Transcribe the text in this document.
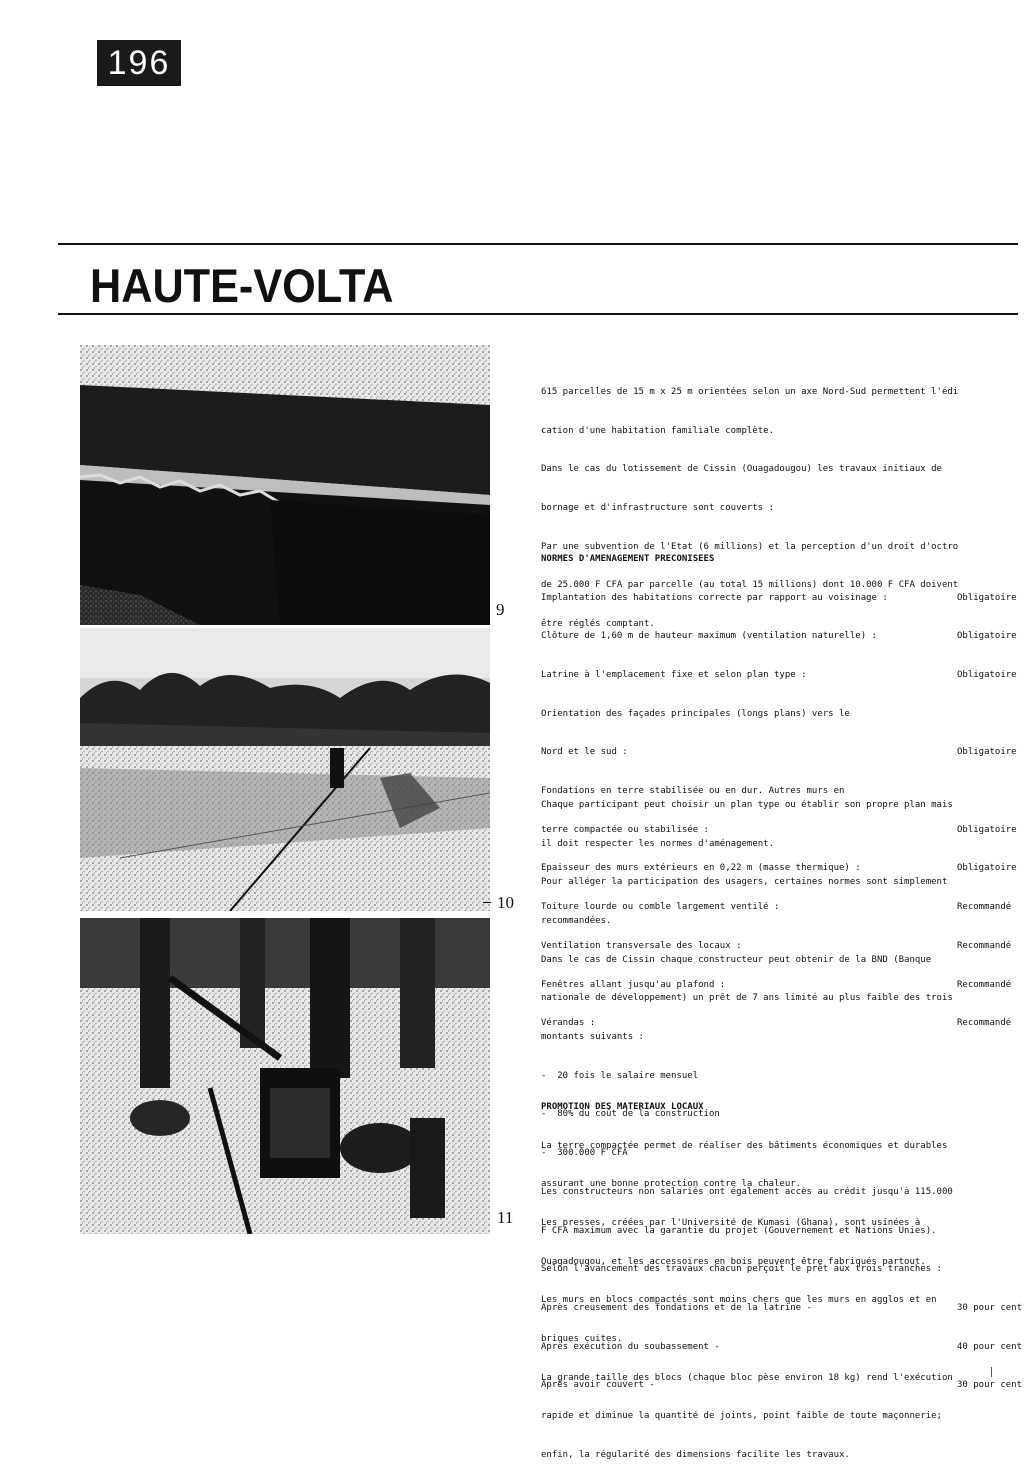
196
HAUTE-VOLTA
9
10
11

615 parcelles de 15 m x 25 m orientées selon un axe Nord-Sud permettent l'édi

cation d'une habitation familiale complète.

Dans le cas du lotissement de Cissin (Ouagadougou) les travaux initiaux de

bornage et d'infrastructure sont couverts :

Par une subvention de l'Etat (6 millions) et la perception d'un droit d'octro

de 25.000 F CFA par parcelle (au total 15 millions) dont 10.000 F CFA doivent

être réglés comptant.

NORMES D'AMENAGEMENT PRECONISEES

Implantation des habitations correcte par rapport au voisinage :	Obligatoire

Clôture de 1,60 m de hauteur maximum (ventilation naturelle) :	Obligatoire

Latrine à l'emplacement fixe et selon plan type :	Obligatoire

Orientation des façades principales (longs plans) vers le

Nord et le sud :	Obligatoire

Fondations en terre stabilisée ou en dur. Autres murs en

terre compactée ou stabilisée :	Obligatoire

Epaisseur des murs extérieurs en 0,22 m (masse thermique) :	Obligatoire

Toiture lourde ou comble largement ventilé :	Recommandé

Ventilation transversale des locaux :	Recommandé

Fenêtres allant jusqu'au plafond :	Recommandé

Vérandas :	Recommandé

Chaque participant peut choisir un plan type ou établir son propre plan mais

il doit respecter les normes d'aménagement.

Pour alléger la participation des usagers, certaines normes sont simplement

recommandées.

Dans le cas de Cissin chaque constructeur peut obtenir de la BND (Banque

nationale de développement) un prêt de 7 ans limité au plus faible des trois

montants suivants :

-  20 fois le salaire mensuel

-  80% du coût de la construction

-  300.000 F CFA

Les constructeurs non salariés ont également accès au crédit jusqu'à 115.000

F CFA maximum avec la garantie du projet (Gouvernement et Nations Unies).

Selon l'avancement des travaux chacun perçoit le prêt aux trois tranches :

Après creusement des fondations et de la latrine -	30 pour cent

Après exécution du soubassement -	40 pour cent

Après avoir couvert -	30 pour cent

PROMOTION DES MATERIAUX LOCAUX

La terre compactée permet de réaliser des bâtiments économiques et durables

assurant une bonne protection contre la chaleur.

Les presses, créées par l'Université de Kumasi (Ghana), sont usinées à

Ouagadougou, et les accessoires en bois peuvent être fabriqués partout.

Les murs en blocs compactés sont moins chers que les murs en agglos et en

briques cuites.

La grande taille des blocs (chaque bloc pèse environ 18 kg) rend l'exécution

rapide et diminue la quantité de joints, point faible de toute maçonnerie;

enfin, la régularité des dimensions facilite les travaux.
